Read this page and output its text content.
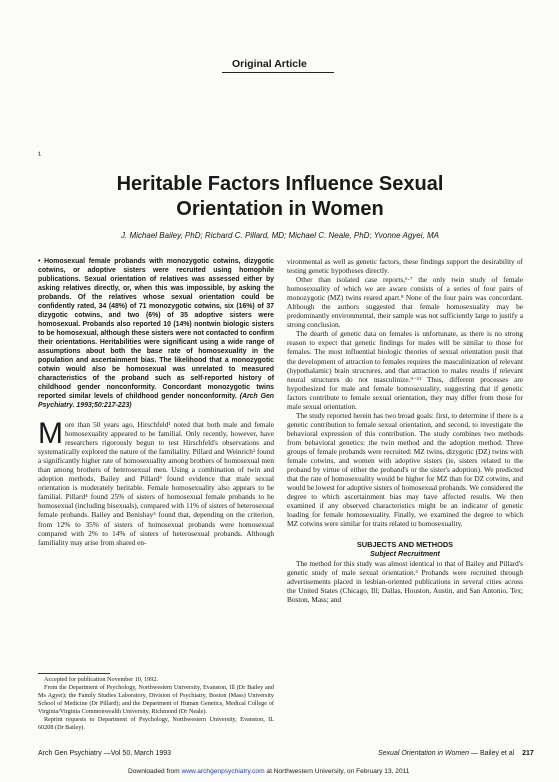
Original Article
¹
Heritable Factors Influence Sexual
Orientation in Women
J. Michael Bailey, PhD; Richard C. Pillard, MD; Michael C. Neale, PhD; Yvonne Agyei, MA

• Homosexual female probands with monozygotic cotwins, dizygotic cotwins, or adoptive sisters were recruited using homophile publications. Sexual orientation of relatives was assessed either by asking relatives directly, or, when this was impossible, by asking the probands. Of the relatives whose sexual orientation could be confidently rated, 34 (48%) of 71 monozygotic cotwins, six (16%) of 37 dizygotic cotwins, and two (6%) of 35 adoptive sisters were homosexual. Probands also reported 10 (14%) nontwin biologic sisters to be homosexual, although these sisters were not contacted to confirm their orientations. Heritabilities were significant using a wide range of assumptions about both the base rate of homosexuality in the population and ascertainment bias. The likelihood that a monozygotic cotwin would also be homosexual was unrelated to measured characteristics of the proband such as self-reported history of childhood gender nonconformity. Concordant monozygotic twins reported similar levels of childhood gender nonconformity. (Arch Gen Psychiatry. 1993;50:217-223)

M ore than 50 years ago, Hirschfeld¹ noted that both male and female homosexuality appeared to be familial. Only recently, however, have researchers rigorously begun to test Hirschfeld's observations and systematically explored the nature of the familiality. Pillard and Weinrich² found a significantly higher rate of homosexuality among brothers of homosexual men than among brothers of heterosexual men. Using a combination of twin and adoption methods, Bailey and Pillard³ found evidence that male sexual orientation is moderately heritable. Female homosexuality also appears to be familial. Pillard⁴ found 25% of sisters of homosexual female probands to be homosexual (including bisexuals), compared with 11% of sisters of heterosexual female probands. Bailey and Benishay⁵ found that, depending on the criterion, from 12% to 35% of sisters of homosexual probands were homosexual compared with 2% to 14% of sisters of heterosexual probands. Although familiality may arise from shared en-

Accepted for publication November 10, 1992.

From the Department of Psychology, Northwestern University, Evanston, Ill (Dr Bailey and Ms Agyei); the Family Studies Laboratory, Division of Psychiatry, Boston (Mass) University School of Medicine (Dr Pillard); and the Department of Human Genetics, Medical College of Virginia/Virginia Commonwealth University, Richmond (Dr Neale).

Reprint requests to Department of Psychology, Northwestern University, Evanston, IL 60208 (Dr Bailey).

vironmental as well as genetic factors, these findings support the desirability of testing genetic hypotheses directly.

Other than isolated case reports,⁶·⁷ the only twin study of female homosexuality of which we are aware consists of a series of four pairs of monozygotic (MZ) twins reared apart.⁸ None of the four pairs was concordant. Although the authors suggested that female homosexuality may be predominantly environmental, their sample was not sufficiently large to justify a strong conclusion.

The dearth of genetic data on females is unfortunate, as there is no strong reason to expect that genetic findings for males will be similar to those for females. The most influential biologic theories of sexual orientation posit that the development of attraction to females requires the masculinization of relevant (hypothalamic) brain structures, and that attraction to males results if relevant neural structures do not masculinize.⁹⁻¹¹ Thus, different processes are hypothesized for male and female homosexuality, suggesting that if genetic factors contribute to female sexual orientation, they may differ from those for male sexual orientation.

The study reported herein has two broad goals: first, to determine if there is a genetic contribution to female sexual orientation, and second, to investigate the behavioral expression of this contribution. The study combines two methods from behavioral genetics: the twin method and the adoption method. Three groups of female probands were recruited: MZ twins, dizygotic (DZ) twins with female cotwins, and women with adoptive sisters (ie, sisters related to the proband by virtue of either the proband's or the sister's adoption). We predicted that the rate of homosexuality would be higher for MZ than for DZ cotwins, and would be lowest for adoptive sisters of homosexual probands. We considered the degree to which ascertainment bias may have affected results. We then examined if any observed characteristics might be an indicator of genetic loading for female homosexuality. Finally, we examined the degree to which MZ cotwins were similar for traits related to homosexuality.

SUBJECTS AND METHODS

Subject Recruitment

The method for this study was almost identical to that of Bailey and Pillard's genetic study of male sexual orientation.³ Probands were recruited through advertisements placed in lesbian-oriented publications in several cities across the United States (Chicago, Ill; Dallas, Houston, Austin, and San Antonio, Tex; Boston, Mass; and

Arch Gen Psychiatry —Vol 50, March 1993	Sexual Orientation in Women — Bailey et al 217
Downloaded from www.archgenpsychiatry.com at Northwestern University, on February 13, 2011
